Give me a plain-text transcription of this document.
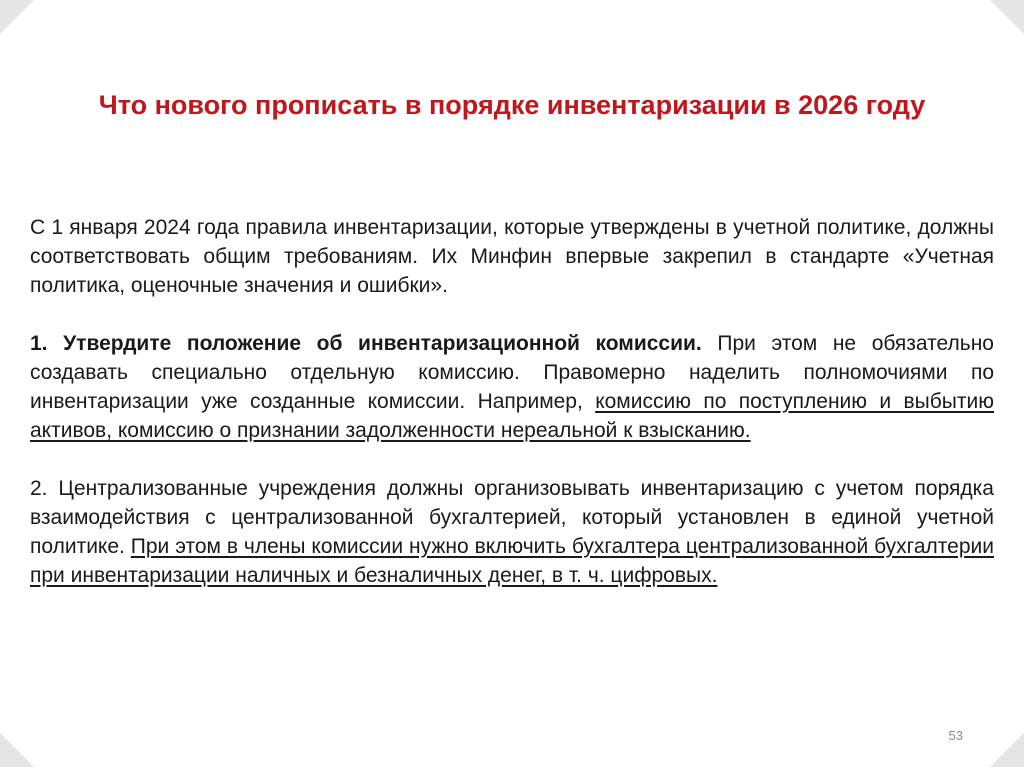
Что нового прописать в порядке инвентаризации в 2026 году

С 1 января 2024 года правила инвентаризации, которые утверждены в учетной политике, должны соответствовать общим требованиям. Их Минфин впервые закрепил в стандарте «Учетная политика, оценочные значения и ошибки».

1. Утвердите положение об инвентаризационной комиссии. При этом не обязательно создавать специально отдельную комиссию. Правомерно наделить полномочиями по инвентаризации уже созданные комиссии. Например, комиссию по поступлению и выбытию активов, комиссию о признании задолженности нереальной к взысканию.

2. Централизованные учреждения должны организовывать инвентаризацию с учетом порядка взаимодействия с централизованной бухгалтерией, который установлен в единой учетной политике. При этом в члены комиссии нужно включить бухгалтера централизованной бухгалтерии при инвентаризации наличных и безналичных денег, в т. ч. цифровых.

53
